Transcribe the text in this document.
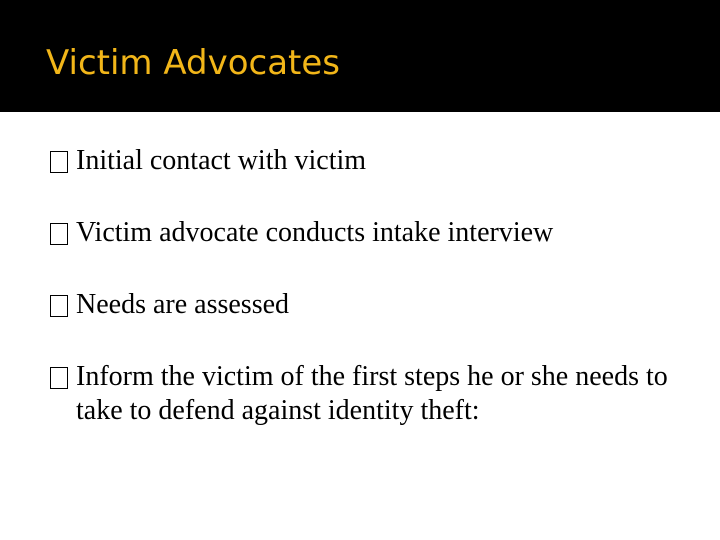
Victim Advocates
Initial contact with victim
Victim advocate conducts intake interview
Needs are assessed
Inform the victim of the first steps he or she needs to take to defend against identity theft:
